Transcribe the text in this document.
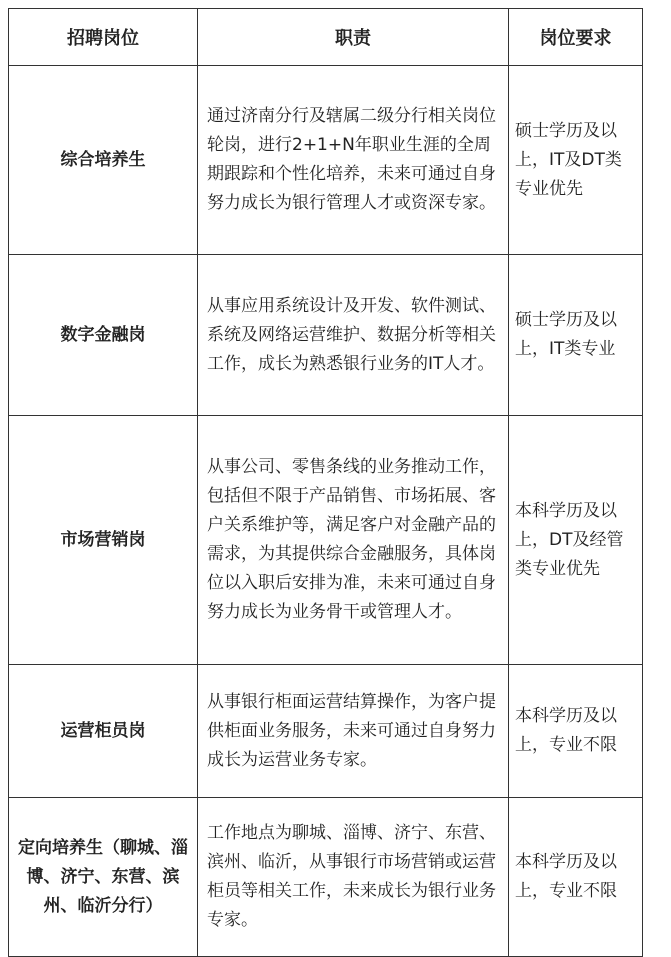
招聘岗位	职责	岗位要求
综合培养生	通过济南分行及辖属二级分行相关岗位轮岗，进行2+1+N年职业生涯的全周期跟踪和个性化培养，未来可通过自身努力成长为银行管理人才或资深专家。	硕士学历及以上，IT及DT类专业优先
数字金融岗	从事应用系统设计及开发、软件测试、系统及网络运营维护、数据分析等相关工作，成长为熟悉银行业务的IT人才。	硕士学历及以上，IT类专业
市场营销岗	从事公司、零售条线的业务推动工作，包括但不限于产品销售、市场拓展、客户关系维护等，满足客户对金融产品的需求，为其提供综合金融服务，具体岗位以入职后安排为准，未来可通过自身努力成长为业务骨干或管理人才。	本科学历及以上，DT及经管类专业优先
运营柜员岗	从事银行柜面运营结算操作，为客户提供柜面业务服务，未来可通过自身努力成长为运营业务专家。	本科学历及以上，专业不限
定向培养生（聊城、淄博、济宁、东营、滨州、临沂分行）	工作地点为聊城、淄博、济宁、东营、滨州、临沂，从事银行市场营销或运营柜员等相关工作，未来成长为银行业务专家。	本科学历及以上，专业不限
